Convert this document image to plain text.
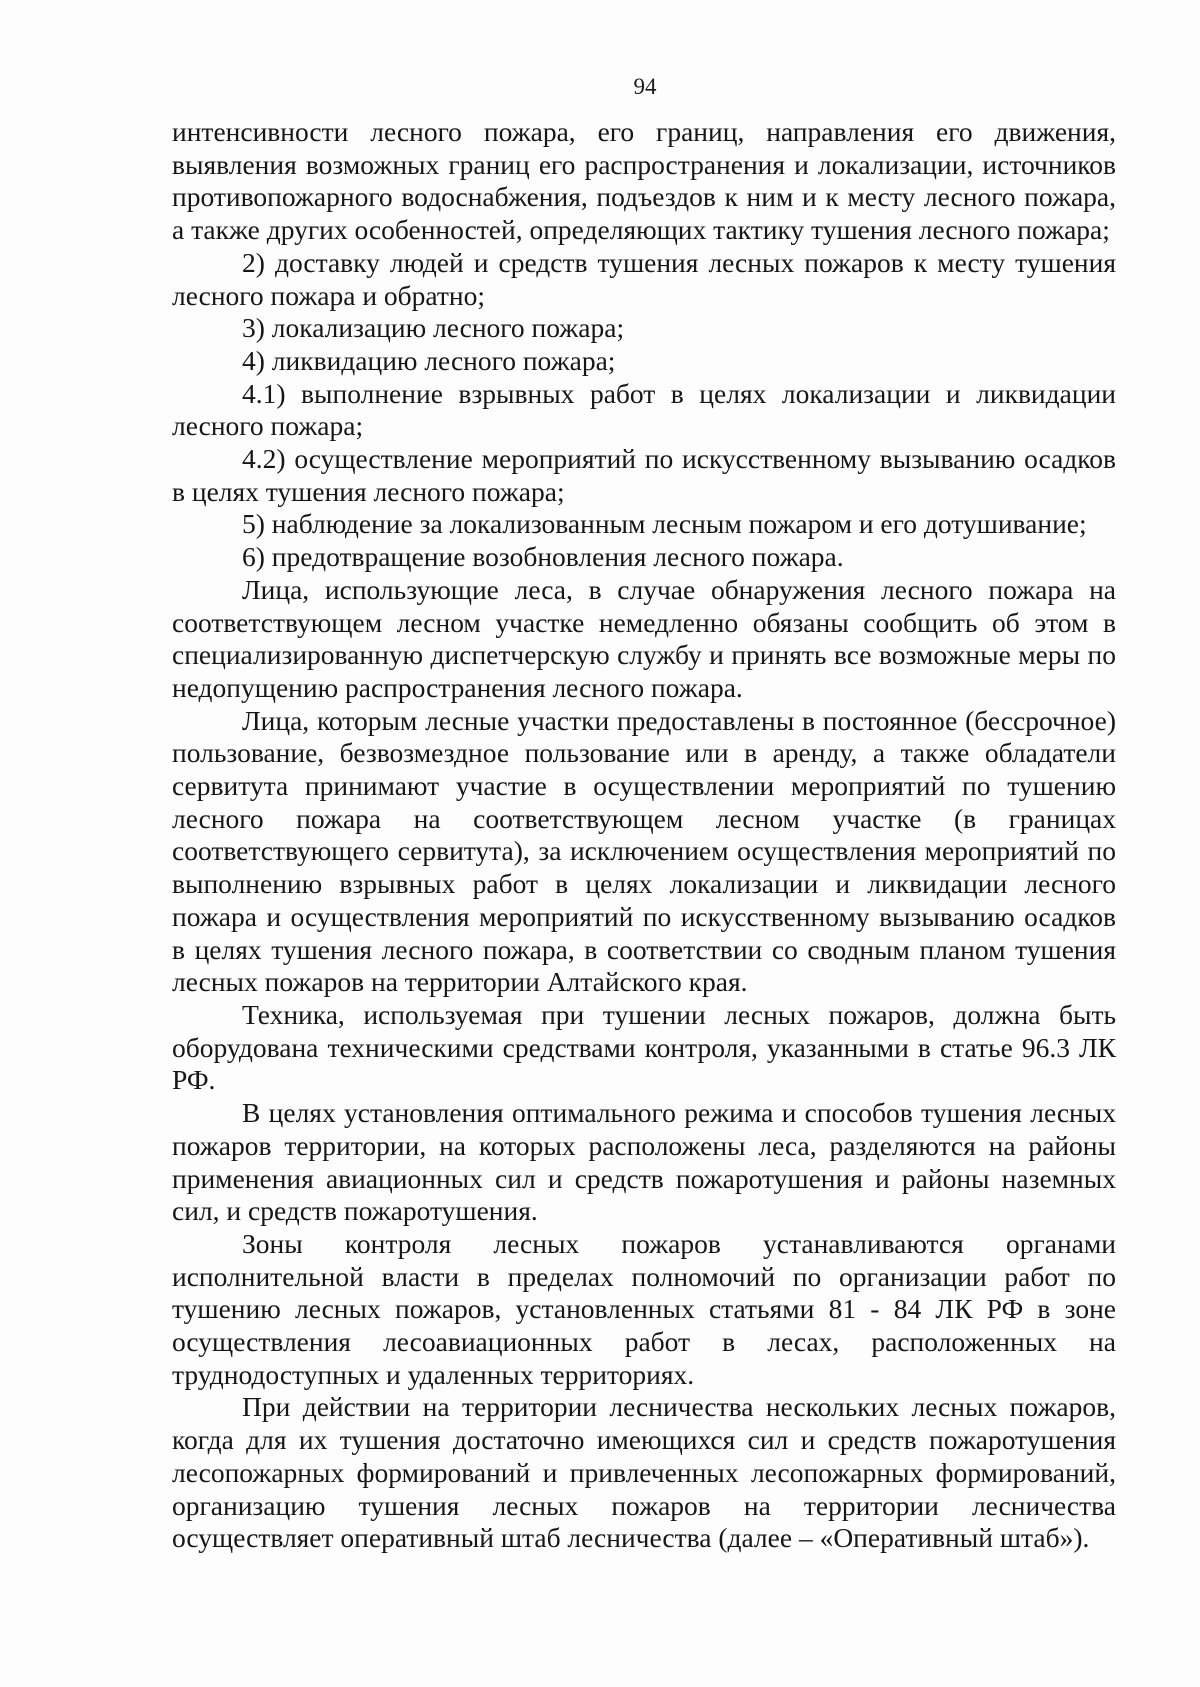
94

интенсивности лесного пожара, его границ, направления его движения, выявления возможных границ его распространения и локализации, источников противопожарного водоснабжения, подъездов к ним и к месту лесного пожара, а также других особенностей, определяющих тактику тушения лесного пожара;

2) доставку людей и средств тушения лесных пожаров к месту тушения лесного пожара и обратно;

3) локализацию лесного пожара;

4) ликвидацию лесного пожара;

4.1) выполнение взрывных работ в целях локализации и ликвидации лесного пожара;

4.2) осуществление мероприятий по искусственному вызыванию осадков в целях тушения лесного пожара;

5) наблюдение за локализованным лесным пожаром и его дотушивание;

6) предотвращение возобновления лесного пожара.

Лица, использующие леса, в случае обнаружения лесного пожара на соответствующем лесном участке немедленно обязаны сообщить об этом в специализированную диспетчерскую службу и принять все возможные меры по недопущению распространения лесного пожара.

Лица, которым лесные участки предоставлены в постоянное (бессрочное) пользование, безвозмездное пользование или в аренду, а также обладатели сервитута принимают участие в осуществлении мероприятий по тушению лесного пожара на соответствующем лесном участке (в границах соответствующего сервитута), за исключением осуществления мероприятий по выполнению взрывных работ в целях локализации и ликвидации лесного пожара и осуществления мероприятий по искусственному вызыванию осадков в целях тушения лесного пожара, в соответствии со сводным планом тушения лесных пожаров на территории Алтайского края.

Техника, используемая при тушении лесных пожаров, должна быть оборудована техническими средствами контроля, указанными в статье 96.3 ЛК РФ.

В целях установления оптимального режима и способов тушения лесных пожаров территории, на которых расположены леса, разделяются на районы применения авиационных сил и средств пожаротушения и районы наземных сил, и средств пожаротушения.

Зоны контроля лесных пожаров устанавливаются органами исполнительной власти в пределах полномочий по организации работ по тушению лесных пожаров, установленных статьями 81 - 84 ЛК РФ в зоне осуществления лесоавиационных работ в лесах, расположенных на труднодоступных и удаленных территориях.

При действии на территории лесничества нескольких лесных пожаров, когда для их тушения достаточно имеющихся сил и средств пожаротушения лесопожарных формирований и привлеченных лесопожарных формирований, организацию тушения лесных пожаров на территории лесничества осуществляет оперативный штаб лесничества (далее – «Оперативный штаб»).
